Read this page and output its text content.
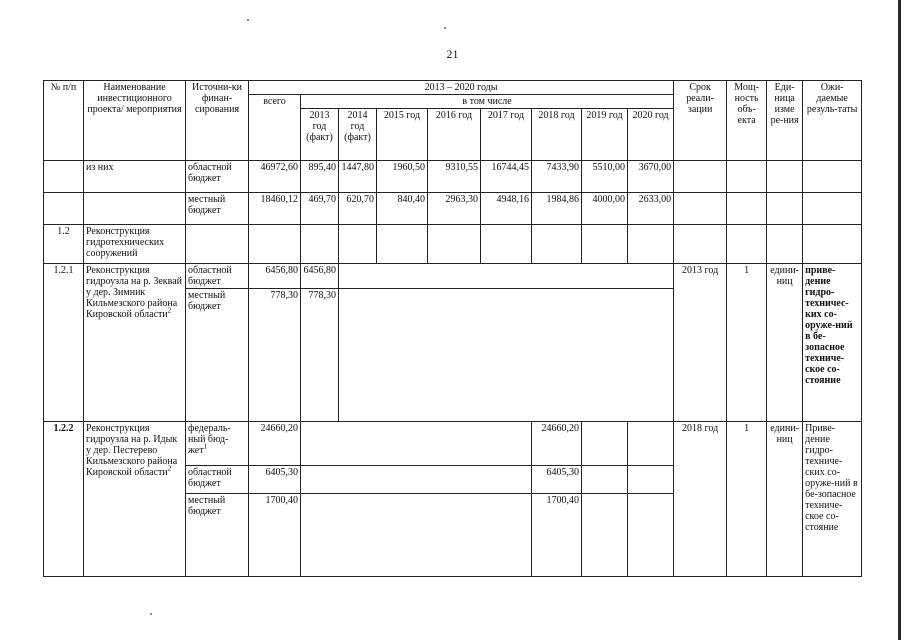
21
№ п/п	Наименование инвестиционного проекта/ мероприятия	Источни-ки финан-сирования	2013 – 2020 годы									Срок реали-зации	Мощ-ность объ-екта	Еди-ница изме ре-ния	Ожи-даемые резуль-таты
			всего	в том числе											
				2013 год (факт)	2014 год (факт)	2015 год	2016 год	2017 год	2018 год	2019 год	2020 год				
	из них	областной бюджет	46972,60	895,40	1447,80	1960,50	9310,55	16744,45	7433,90	5510,00	3670,00				
		местный бюджет	18460,12	469,70	620,70	840,40	2963,30	4948,16	1984,86	4000,00	2633,00				
1.2	Реконструкция гидротехнических сооружений														
1.2.1	Реконструкция гидроузла на р. Зеквай у дер. Зимник Кильмезского района Кировской области$^2$	областной бюджет	6456,80	6456,80								2013 год	1	едини-ниц	приве-дение гидро-техничес-ких со-оруже-ний в бе-зопасное техниче-ское со-стояние
		местный бюджет	778,30	778,30											
1.2.2	Реконструкция гидроузла на р. Идык у дер. Пестерево Кильмезского района Кировской области$^2$	федераль-ный бюд-жет$^1$	24660,20						24660,20			2018 год	1	едини-ниц	Приве-дение гидро-техниче-ских со-оруже-ний в бе-зопасное техниче-ское со-стояние
		областной бюджет	6405,30						6405,30						
		местный бюджет	1700,40						1700,40						
